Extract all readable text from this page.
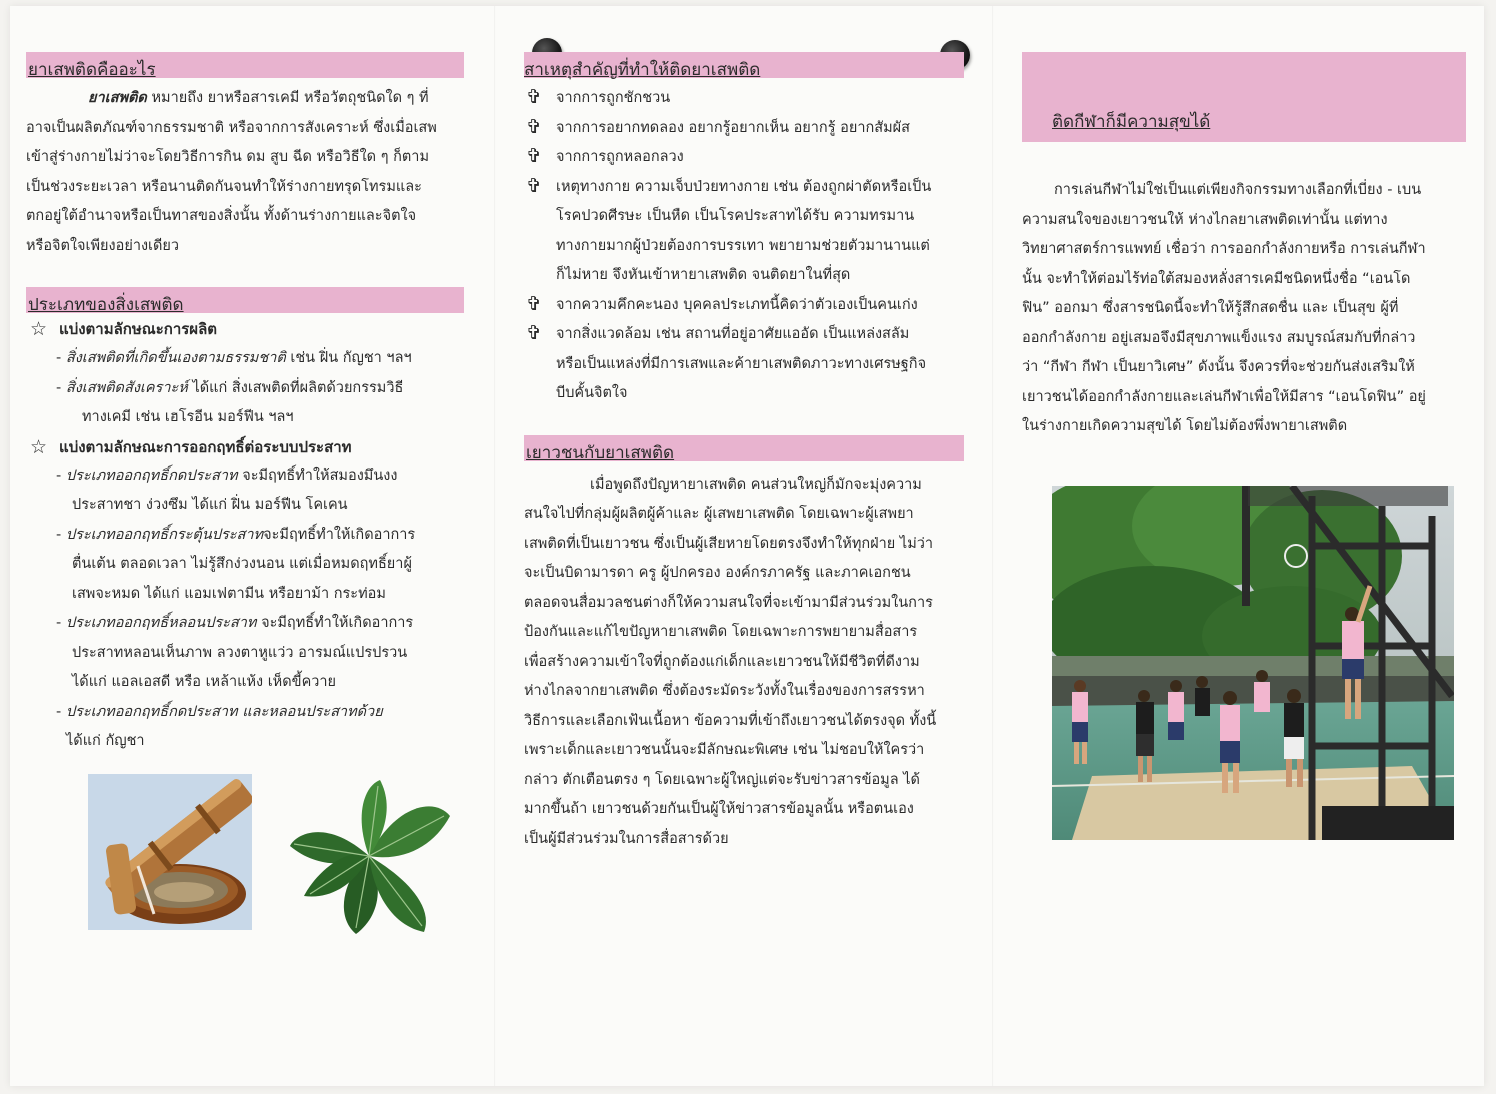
ยาเสพติดคืออะไร

ยาเสพติด หมายถึง ยาหรือสารเคมี หรือวัตถุชนิดใด ๆ ที่

อาจเป็นผลิตภัณฑ์จากธรรมชาติ หรือจากการสังเคราะห์ ซึ่งเมื่อเสพ

เข้าสู่ร่างกายไม่ว่าจะโดยวิธีการกิน ดม สูบ ฉีด หรือวิธีใด ๆ ก็ตาม

เป็นช่วงระยะเวลา หรือนานติดกันจนทำให้ร่างกายทรุดโทรมและ

ตกอยู่ใต้อำนาจหรือเป็นทาสของสิ่งนั้น ทั้งด้านร่างกายและจิตใจ

หรือจิตใจเพียงอย่างเดียว

ประเภทของสิ่งเสพติด
☆ แบ่งตามลักษณะการผลิต
- สิ่งเสพติดที่เกิดขึ้นเองตามธรรมชาติ เช่น ฝิ่น กัญชา ฯลฯ
- สิ่งเสพติดสังเคราะห์ ได้แก่ สิ่งเสพติดที่ผลิตด้วยกรรมวิธี
ทางเคมี เช่น เฮโรอีน มอร์ฟีน ฯลฯ
☆ แบ่งตามลักษณะการออกฤทธิ์ต่อระบบประสาท
- ประเภทออกฤทธิ์กดประสาท จะมีฤทธิ์ทำให้สมองมึนงง
ประสาทชา ง่วงซึม ได้แก่ ฝิ่น มอร์ฟีน โคเคน
- ประเภทออกฤทธิ์กระตุ้นประสาทจะมีฤทธิ์ทำให้เกิดอาการ
ตื่นเต้น ตลอดเวลา ไม่รู้สึกง่วงนอน แต่เมื่อหมดฤทธิ์ยาผู้
เสพจะหมด ได้แก่ แอมเฟตามีน หรือยาม้า กระท่อม
- ประเภทออกฤทธิ์หลอนประสาท จะมีฤทธิ์ทำให้เกิดอาการ
ประสาทหลอนเห็นภาพ ลวงตาหูแว่ว อารมณ์แปรปรวน
ได้แก่ แอลเอสดี หรือ เหล้าแห้ง เห็ดขี้ควาย
- ประเภทออกฤทธิ์กดประสาท และหลอนประสาทด้วย
ได้แก่ กัญชา
สาเหตุสำคัญที่ทำให้ติดยาเสพติด
✞ จากการถูกชักชวน
✞ จากการอยากทดลอง อยากรู้อยากเห็น อยากรู้ อยากสัมผัส
✞ จากการถูกหลอกลวง
✞ เหตุทางกาย ความเจ็บป่วยทางกาย เช่น ต้องถูกผ่าตัดหรือเป็น
โรคปวดศีรษะ เป็นหืด เป็นโรคประสาทได้รับ ความทรมาน
ทางกายมากผู้ป่วยต้องการบรรเทา พยายามช่วยตัวมานานแต่
ก็ไม่หาย จึงหันเข้าหายาเสพติด จนติดยาในที่สุด
✞ จากความคึกคะนอง บุคคลประเภทนี้คิดว่าตัวเองเป็นคนเก่ง
✞ จากสิ่งแวดล้อม เช่น สถานที่อยู่อาศัยแออัด เป็นแหล่งสลัม
หรือเป็นแหล่งที่มีการเสพและค้ายาเสพติดภาวะทางเศรษฐกิจ
บีบคั้นจิตใจ
เยาวชนกับยาเสพติด

เมื่อพูดถึงปัญหายาเสพติด คนส่วนใหญ่ก็มักจะมุ่งความ

สนใจไปที่กลุ่มผู้ผลิตผู้ค้าและ ผู้เสพยาเสพติด โดยเฉพาะผู้เสพยา

เสพติดที่เป็นเยาวชน ซึ่งเป็นผู้เสียหายโดยตรงจึงทำให้ทุกฝ่าย ไม่ว่า

จะเป็นบิดามารดา ครู ผู้ปกครอง องค์กรภาครัฐ และภาคเอกชน

ตลอดจนสื่อมวลชนต่างก็ให้ความสนใจที่จะเข้ามามีส่วนร่วมในการ

ป้องกันและแก้ไขปัญหายาเสพติด โดยเฉพาะการพยายามสื่อสาร

เพื่อสร้างความเข้าใจที่ถูกต้องแก่เด็กและเยาวชนให้มีชีวิตที่ดีงาม

ห่างไกลจากยาเสพติด ซึ่งต้องระมัดระวังทั้งในเรื่องของการสรรหา

วิธีการและเลือกเฟ้นเนื้อหา ข้อความที่เข้าถึงเยาวชนได้ตรงจุด ทั้งนี้

เพราะเด็กและเยาวชนนั้นจะมีลักษณะพิเศษ เช่น ไม่ชอบให้ใครว่า

กล่าว ตักเตือนตรง ๆ โดยเฉพาะผู้ใหญ่แต่จะรับข่าวสารข้อมูล ได้

มากขึ้นถ้า เยาวชนด้วยกันเป็นผู้ให้ข่าวสารข้อมูลนั้น หรือตนเอง

เป็นผู้มีส่วนร่วมในการสื่อสารด้วย

ติดกีฬาก็มีความสุขได้

การเล่นกีฬาไม่ใช่เป็นแต่เพียงกิจกรรมทางเลือกที่เบี่ยง - เบน

ความสนใจของเยาวชนให้ ห่างไกลยาเสพติดเท่านั้น แต่ทาง

วิทยาศาสตร์การแพทย์ เชื่อว่า การออกกำลังกายหรือ การเล่นกีฬา

นั้น จะทำให้ต่อมไร้ท่อใต้สมองหลั่งสารเคมีชนิดหนึ่งชื่อ “เอนโด

ฟิน” ออกมา ซึ่งสารชนิดนี้จะทำให้รู้สึกสดชื่น และ เป็นสุข ผู้ที่

ออกกำลังกาย อยู่เสมอจึงมีสุขภาพแข็งแรง สมบูรณ์สมกับที่กล่าว

ว่า “กีฬา กีฬา เป็นยาวิเศษ” ดังนั้น จึงควรที่จะช่วยกันส่งเสริมให้

เยาวชนได้ออกกำลังกายและเล่นกีฬาเพื่อให้มีสาร “เอนโดฟิน” อยู่

ในร่างกายเกิดความสุขได้ โดยไม่ต้องพึ่งพายาเสพติด
